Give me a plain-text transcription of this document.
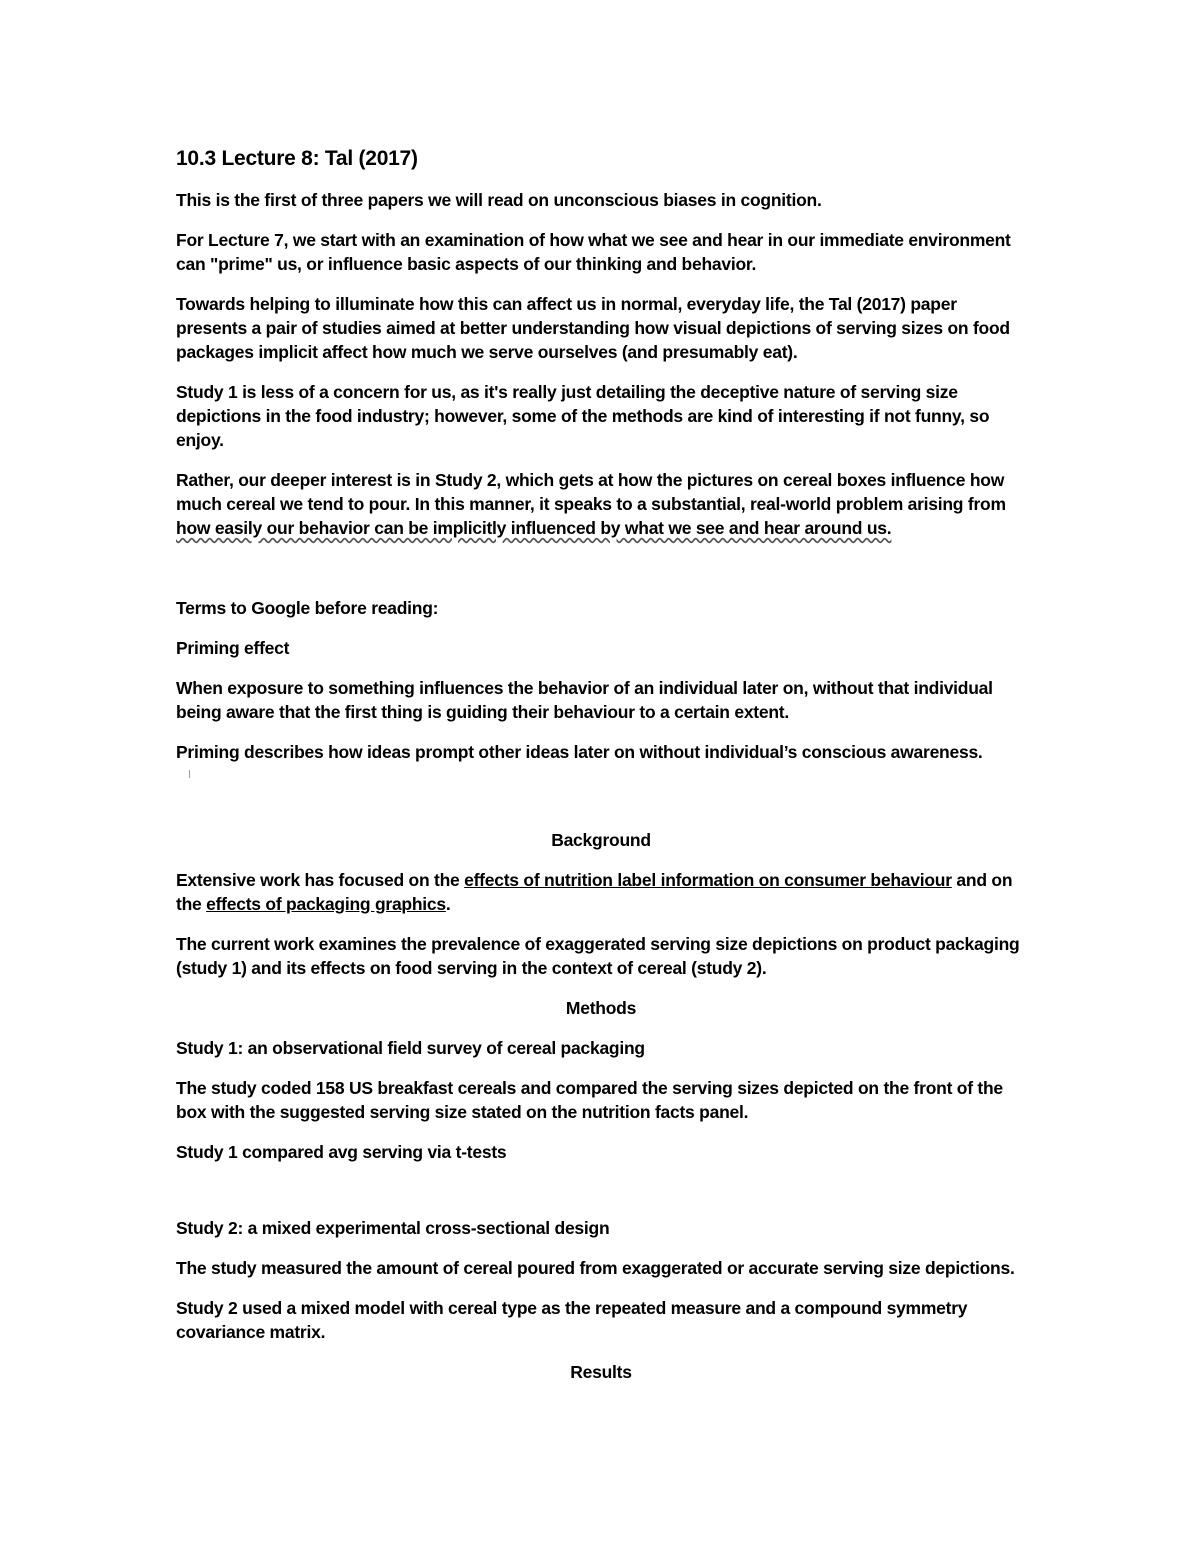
10.3 Lecture 8: Tal (2017)
This is the first of three papers we will read on unconscious biases in cognition.
For Lecture 7, we start with an examination of how what we see and hear in our immediate environment can "prime" us, or influence basic aspects of our thinking and behavior.
Towards helping to illuminate how this can affect us in normal, everyday life, the Tal (2017) paper presents a pair of studies aimed at better understanding how visual depictions of serving sizes on food packages implicit affect how much we serve ourselves (and presumably eat).
Study 1 is less of a concern for us, as it's really just detailing the deceptive nature of serving size depictions in the food industry; however, some of the methods are kind of interesting if not funny, so enjoy.
Rather, our deeper interest is in Study 2, which gets at how the pictures on cereal boxes influence how much cereal we tend to pour. In this manner, it speaks to a substantial, real-world problem arising from how easily our behavior can be implicitly influenced by what we see and hear around us.
Terms to Google before reading:
Priming effect
When exposure to something influences the behavior of an individual later on, without that individual being aware that the first thing is guiding their behaviour to a certain extent.
Priming describes how ideas prompt other ideas later on without individual’s conscious awareness.
Background
Extensive work has focused on the effects of nutrition label information on consumer behaviour and on the effects of packaging graphics.
The current work examines the prevalence of exaggerated serving size depictions on product packaging (study 1) and its effects on food serving in the context of cereal (study 2).
Methods
Study 1: an observational field survey of cereal packaging
The study coded 158 US breakfast cereals and compared the serving sizes depicted on the front of the box with the suggested serving size stated on the nutrition facts panel.
Study 1 compared avg serving via t-tests
Study 2: a mixed experimental cross-sectional design
The study measured the amount of cereal poured from exaggerated or accurate serving size depictions.
Study 2 used a mixed model with cereal type as the repeated measure and a compound symmetry covariance matrix.
Results
